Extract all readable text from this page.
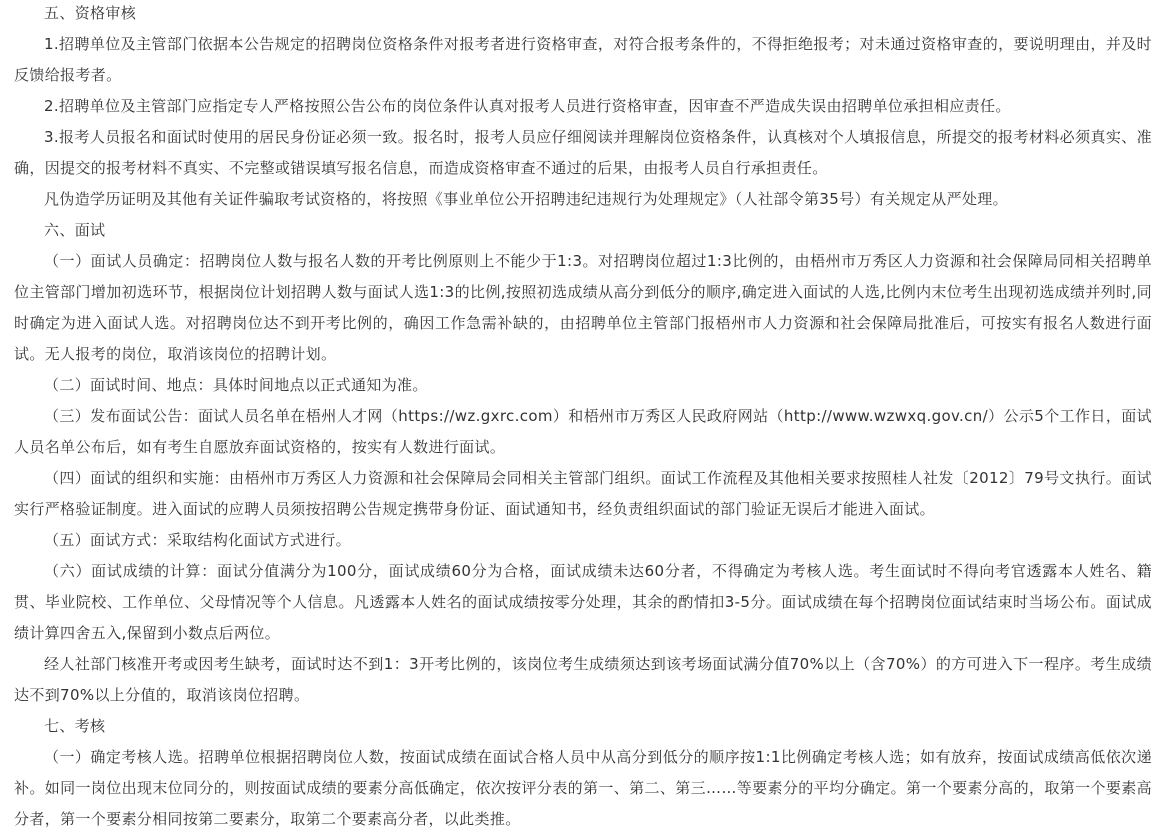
五、资格审核

1.招聘单位及主管部门依据本公告规定的招聘岗位资格条件对报考者进行资格审查，对符合报考条件的，不得拒绝报考；对未通过资格审查的，要说明理由，并及时反馈给报考者。

2.招聘单位及主管部门应指定专人严格按照公告公布的岗位条件认真对报考人员进行资格审查，因审查不严造成失误由招聘单位承担相应责任。

3.报考人员报名和面试时使用的居民身份证必须一致。报名时，报考人员应仔细阅读并理解岗位资格条件，认真核对个人填报信息，所提交的报考材料必须真实、准确，因提交的报考材料不真实、不完整或错误填写报名信息，而造成资格审查不通过的后果，由报考人员自行承担责任。

凡伪造学历证明及其他有关证件骗取考试资格的，将按照《事业单位公开招聘违纪违规行为处理规定》（人社部令第35号）有关规定从严处理。

六、面试

（一）面试人员确定：招聘岗位人数与报名人数的开考比例原则上不能少于1:3。对招聘岗位超过1:3比例的，由梧州市万秀区人力资源和社会保障局同相关招聘单位主管部门增加初选环节，根据岗位计划招聘人数与面试人选1:3的比例,按照初选成绩从高分到低分的顺序,确定进入面试的人选,比例内末位考生出现初选成绩并列时,同时确定为进入面试人选。对招聘岗位达不到开考比例的，确因工作急需补缺的，由招聘单位主管部门报梧州市人力资源和社会保障局批准后，可按实有报名人数进行面试。无人报考的岗位，取消该岗位的招聘计划。

（二）面试时间、地点：具体时间地点以正式通知为准。

（三）发布面试公告：面试人员名单在梧州人才网（https://wz.gxrc.com）和梧州市万秀区人民政府网站（http://www.wzwxq.gov.cn/）公示5个工作日，面试人员名单公布后，如有考生自愿放弃面试资格的，按实有人数进行面试。

（四）面试的组织和实施：由梧州市万秀区人力资源和社会保障局会同相关主管部门组织。面试工作流程及其他相关要求按照桂人社发〔2012〕79号文执行。面试实行严格验证制度。进入面试的应聘人员须按招聘公告规定携带身份证、面试通知书，经负责组织面试的部门验证无误后才能进入面试。

（五）面试方式：采取结构化面试方式进行。

（六）面试成绩的计算：面试分值满分为100分，面试成绩60分为合格，面试成绩未达60分者，不得确定为考核人选。考生面试时不得向考官透露本人姓名、籍贯、毕业院校、工作单位、父母情况等个人信息。凡透露本人姓名的面试成绩按零分处理，其余的酌情扣3-5分。面试成绩在每个招聘岗位面试结束时当场公布。面试成绩计算四舍五入,保留到小数点后两位。

经人社部门核准开考或因考生缺考，面试时达不到1：3开考比例的，该岗位考生成绩须达到该考场面试满分值70%以上（含70%）的方可进入下一程序。考生成绩达不到70%以上分值的，取消该岗位招聘。

七、考核

（一）确定考核人选。招聘单位根据招聘岗位人数，按面试成绩在面试合格人员中从高分到低分的顺序按1:1比例确定考核人选；如有放弃，按面试成绩高低依次递补。如同一岗位出现末位同分的，则按面试成绩的要素分高低确定，依次按评分表的第一、第二、第三……等要素分的平均分确定。第一个要素分高的，取第一个要素高分者，第一个要素分相同按第二要素分，取第二个要素高分者，以此类推。
